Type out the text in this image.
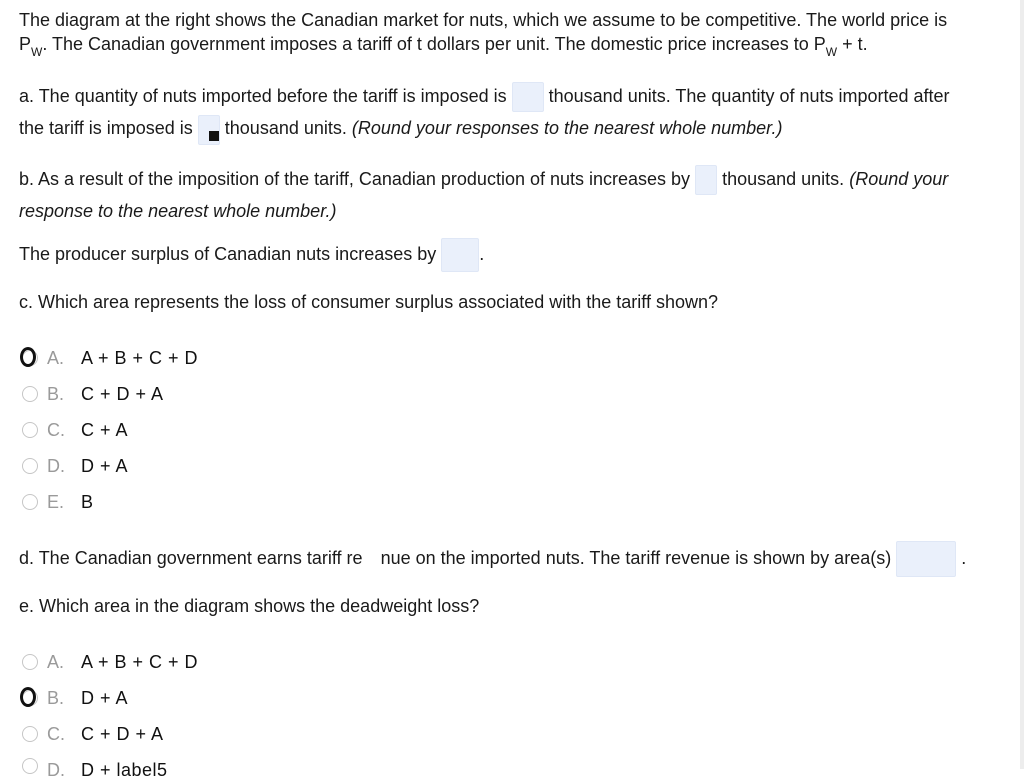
The diagram at the right shows the Canadian market for nuts, which we assume to be competitive. The world price is
$P_W$. The Canadian government imposes a tariff of t dollars per unit. The domestic price increases to $P_W + t$.

a. The quantity of nuts imported before the tariff is imposed is thousand units. The quantity of nuts imported after
the tariff is imposed is thousand units. (Round your responses to the nearest whole number.)
b. As a result of the imposition of the tariff, Canadian production of nuts increases by thousand units. (Round your
response to the nearest whole number.)
The producer surplus of Canadian nuts increases by .
c. Which area represents the loss of consumer surplus associated with the tariff shown?
A. A + B + C + D
B. C + D + A
C. C + A
D. D + A
E. B
d. The Canadian government earns tariff re nue on the imported nuts. The tariff revenue is shown by area(s)	.
e. Which area in the diagram shows the deadweight loss?
A. A + B + C + D
B. D + A
C. C + D + A
D. D + label5
